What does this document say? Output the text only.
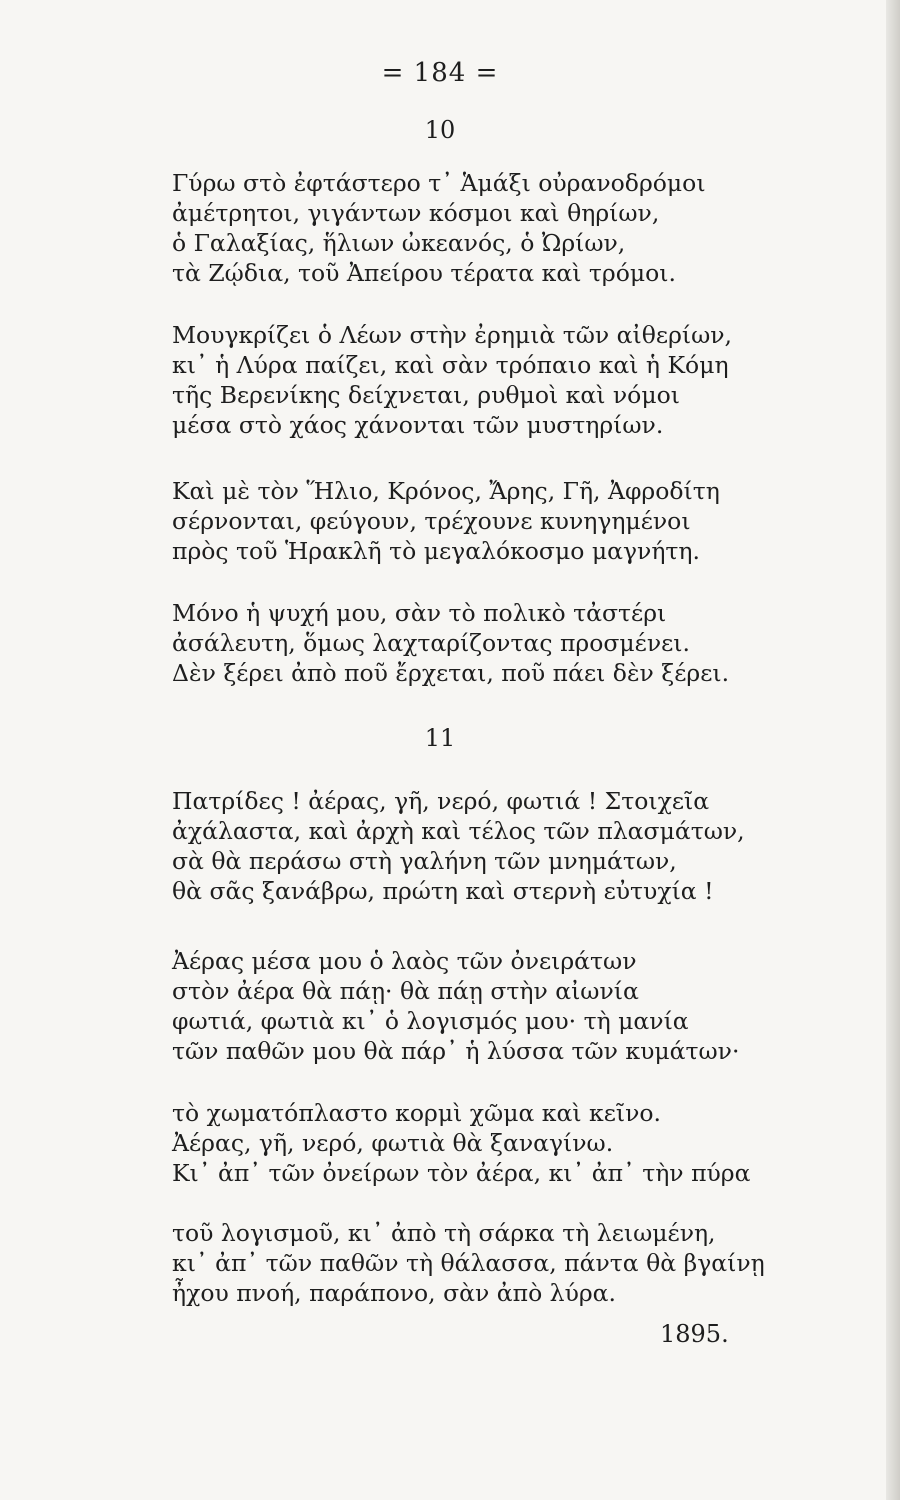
= 184 =
10
Γύρω στὸ ἐφτάστερο τ᾿ Ἁμάξι οὐρανοδρόμοι
ἀμέτρητοι, γιγάντων κόσμοι καὶ θηρίων,
ὁ Γαλαξίας, ἥλιων ὠκεανός, ὁ Ὠρίων,
τὰ Ζῴδια, τοῦ Ἀπείρου τέρατα καὶ τρόμοι.
Μουγκρίζει ὁ Λέων στὴν ἐρημιὰ τῶν αἰθερίων,
κι᾿ ἡ Λύρα παίζει, καὶ σὰν τρόπαιο καὶ ἡ Κόμη
τῆς Βερενίκης δείχνεται, ρυθμοὶ καὶ νόμοι
μέσα στὸ χάος χάνονται τῶν μυστηρίων.
Καὶ μὲ τὸν Ἥλιο, Κρόνος, Ἄρης, Γῆ, Ἀφροδίτη
σέρνονται, φεύγουν, τρέχουνε κυνηγημένοι
πρὸς τοῦ Ἡρακλῆ τὸ μεγαλόκοσμο μαγνήτη.
Μόνο ἡ ψυχή μου, σὰν τὸ πολικὸ τἀστέρι
ἀσάλευτη, ὅμως λαχταρίζοντας προσμένει.
Δὲν ξέρει ἀπὸ ποῦ ἔρχεται, ποῦ πάει δὲν ξέρει.
11
Πατρίδες ! ἀέρας, γῆ, νερό, φωτιά ! Στοιχεῖα
ἀχάλαστα, καὶ ἀρχὴ καὶ τέλος τῶν πλασμάτων,
σὰ θὰ περάσω στὴ γαλήνη τῶν μνημάτων,
θὰ σᾶς ξανάβρω, πρώτη καὶ στερνὴ εὐτυχία !
Ἀέρας μέσα μου ὁ λαὸς τῶν ὀνειράτων
στὸν ἀέρα θὰ πάῃ· θὰ πάῃ στὴν αἰωνία
φωτιά, φωτιὰ κι᾿ ὁ λογισμός μου· τὴ μανία
τῶν παθῶν μου θὰ πάρ᾿ ἡ λύσσα τῶν κυμάτων·
τὸ χωματόπλαστο κορμὶ χῶμα καὶ κεῖνο.
Ἀέρας, γῆ, νερό, φωτιὰ θὰ ξαναγίνω.
Κι᾿ ἀπ᾿ τῶν ὀνείρων τὸν ἀέρα, κι᾿ ἀπ᾿ τὴν πύρα
τοῦ λογισμοῦ, κι᾿ ἀπὸ τὴ σάρκα τὴ λειωμένη,
κι᾿ ἀπ᾿ τῶν παθῶν τὴ θάλασσα, πάντα θὰ βγαίνῃ
ἦχου πνοή, παράπονο, σὰν ἀπὸ λύρα.
1895.
